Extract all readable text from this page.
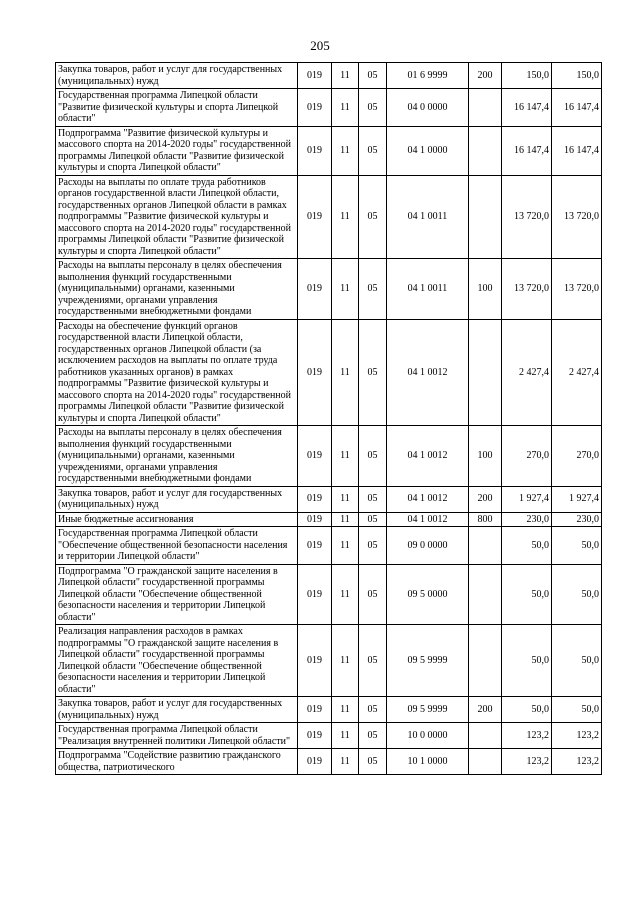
205
Закупка товаров, работ и услуг для государственных (муниципальных) нужд	019	11	05	01 6 9999	200	150,0	150,0
Государственная программа Липецкой области "Развитие физической культуры и спорта Липецкой области"	019	11	05	04 0 0000		16 147,4	16 147,4
Подпрограмма "Развитие физической культуры и массового спорта на 2014-2020 годы" государственной программы Липецкой области "Развитие физической культуры и спорта Липецкой области"	019	11	05	04 1 0000		16 147,4	16 147,4
Расходы на выплаты по оплате труда работников органов государственной власти Липецкой области, государственных органов Липецкой области в рамках подпрограммы "Развитие физической культуры и массового спорта на 2014-2020 годы" государственной программы Липецкой области "Развитие физической культуры и спорта Липецкой области"	019	11	05	04 1 0011		13 720,0	13 720,0
Расходы на выплаты персоналу в целях обеспечения выполнения функций государственными (муниципальными) органами, казенными учреждениями, органами управления государственными внебюджетными фондами	019	11	05	04 1 0011	100	13 720,0	13 720,0
Расходы на обеспечение функций органов государственной власти Липецкой области, государственных органов Липецкой области (за исключением расходов на выплаты по оплате труда работников указанных органов) в рамках подпрограммы "Развитие физической культуры и массового спорта на 2014-2020 годы" государственной программы Липецкой области "Развитие физической культуры и спорта Липецкой области"	019	11	05	04 1 0012		2 427,4	2 427,4
Расходы на выплаты персоналу в целях обеспечения выполнения функций государственными (муниципальными) органами, казенными учреждениями, органами управления государственными внебюджетными фондами	019	11	05	04 1 0012	100	270,0	270,0
Закупка товаров, работ и услуг для государственных (муниципальных) нужд	019	11	05	04 1 0012	200	1 927,4	1 927,4
Иные бюджетные ассигнования	019	11	05	04 1 0012	800	230,0	230,0
Государственная программа Липецкой области "Обеспечение общественной безопасности населения и территории Липецкой области"	019	11	05	09 0 0000		50,0	50,0
Подпрограмма "О гражданской защите населения в Липецкой области" государственной программы Липецкой области "Обеспечение общественной безопасности населения и территории Липецкой области"	019	11	05	09 5 0000		50,0	50,0
Реализация направления расходов в рамках подпрограммы "О гражданской защите населения в Липецкой области" государственной программы Липецкой области "Обеспечение общественной безопасности населения и территории Липецкой области"	019	11	05	09 5 9999		50,0	50,0
Закупка товаров, работ и услуг для государственных (муниципальных) нужд	019	11	05	09 5 9999	200	50,0	50,0
Государственная программа Липецкой области "Реализация внутренней политики Липецкой области"	019	11	05	10 0 0000		123,2	123,2
Подпрограмма "Содействие развитию гражданского общества, патриотического	019	11	05	10 1 0000		123,2	123,2
